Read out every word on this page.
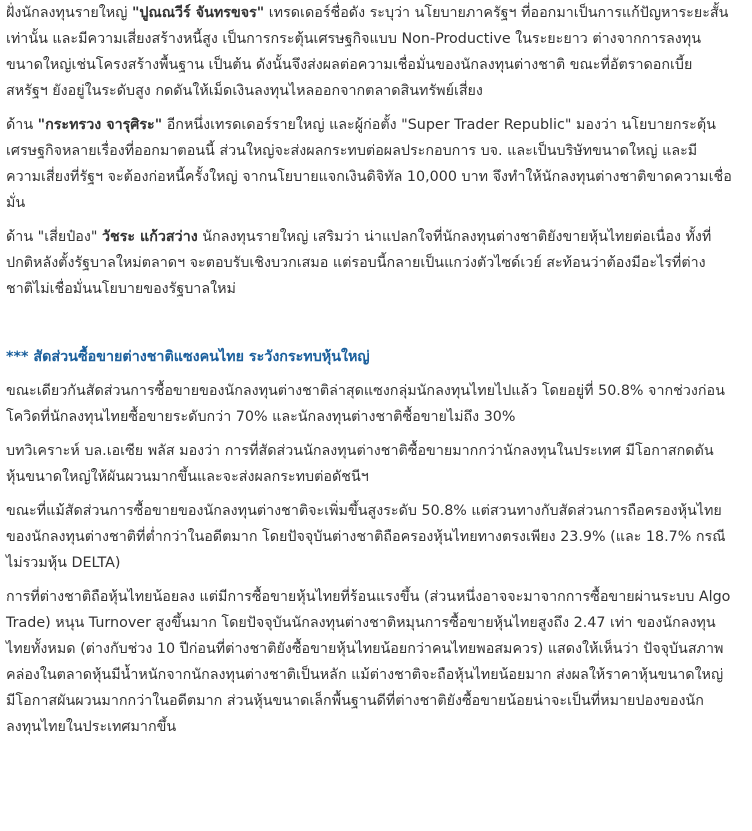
ฝั่งนักลงทุนรายใหญ่ "ปูณณวีร์ จันทรขจร" เทรดเดอร์ชื่อดัง ระบุว่า นโยบายภาครัฐฯ ที่ออกมาเป็นการแก้ปัญหาระยะสั้นเท่านั้น และมีความเสี่ยงสร้างหนี้สูง เป็นการกระตุ้นเศรษฐกิจแบบ Non-Productive ในระยะยาว ต่างจากการลงทุนขนาดใหญ่เช่นโครงสร้างพื้นฐาน เป็นต้น ดังนั้นจึงส่งผลต่อความเชื่อมั่นของนักลงทุนต่างชาติ ขณะที่อัตราดอกเบี้ยสหรัฐฯ ยังอยู่ในระดับสูง กดดันให้เม็ดเงินลงทุนไหลออกจากตลาดสินทรัพย์เสี่ยง

ด้าน "กระทรวง จารุศิระ" อีกหนึ่งเทรดเดอร์รายใหญ่ และผู้ก่อตั้ง "Super Trader Republic" มองว่า นโยบายกระตุ้นเศรษฐกิจหลายเรื่องที่ออกมาตอนนี้ ส่วนใหญ่จะส่งผลกระทบต่อผลประกอบการ บจ. และเป็นบริษัทขนาดใหญ่ และมีความเสี่ยงที่รัฐฯ จะต้องก่อหนี้ครั้งใหญ่ จากนโยบายแจกเงินดิจิทัล 10,000 บาท จึงทำให้นักลงทุนต่างชาติขาดความเชื่อมั่น

ด้าน "เสี่ยป๋อง" วัชระ แก้วสว่าง นักลงทุนรายใหญ่ เสริมว่า น่าแปลกใจที่นักลงทุนต่างชาติยังขายหุ้นไทยต่อเนื่อง ทั้งที่ปกติหลังตั้งรัฐบาลใหม่ตลาดฯ จะตอบรับเชิงบวกเสมอ แต่รอบนี้กลายเป็นแกว่งตัวไซด์เวย์ สะท้อนว่าต้องมีอะไรที่ต่างชาติไม่เชื่อมั่นนโยบายของรัฐบาลใหม่

*** สัดส่วนซื้อขายต่างชาติแซงคนไทย ระวังกระทบหุ้นใหญ่

ขณะเดียวกันสัดส่วนการซื้อขายของนักลงทุนต่างชาติล่าสุดแซงกลุ่มนักลงทุนไทยไปแล้ว โดยอยู่ที่ 50.8% จากช่วงก่อนโควิดที่นักลงทุนไทยซื้อขายระดับกว่า 70% และนักลงทุนต่างชาติซื้อขายไม่ถึง 30%

บทวิเคราะห์ บล.เอเซีย พลัส มองว่า การที่สัดส่วนนักลงทุนต่างชาติซื้อขายมากกว่านักลงทุนในประเทศ มีโอกาสกดดันหุ้นขนาดใหญ่ให้ผันผวนมากขึ้นและจะส่งผลกระทบต่อดัชนีฯ

ขณะที่แม้สัดส่วนการซื้อขายของนักลงทุนต่างชาติจะเพิ่มขึ้นสูงระดับ 50.8% แต่สวนทางกับสัดส่วนการถือครองหุ้นไทยของนักลงทุนต่างชาติที่ต่ำกว่าในอดีตมาก โดยปัจจุบันต่างชาติถือครองหุ้นไทยทางตรงเพียง 23.9% (และ 18.7% กรณีไม่รวมหุ้น DELTA)

การที่ต่างชาติถือหุ้นไทยน้อยลง แต่มีการซื้อขายหุ้นไทยที่ร้อนแรงขึ้น (ส่วนหนึ่งอาจจะมาจากการซื้อขายผ่านระบบ Algo Trade) หนุน Turnover สูงขึ้นมาก โดยปัจจุบันนักลงทุนต่างชาติหมุนการซื้อขายหุ้นไทยสูงถึง 2.47 เท่า ของนักลงทุนไทยทั้งหมด (ต่างกับช่วง 10 ปีก่อนที่ต่างชาติยังซื้อขายหุ้นไทยน้อยกว่าคนไทยพอสมควร) แสดงให้เห็นว่า ปัจจุบันสภาพคล่องในตลาดหุ้นมีน้ำหนักจากนักลงทุนต่างชาติเป็นหลัก แม้ต่างชาติจะถือหุ้นไทยน้อยมาก ส่งผลให้ราคาหุ้นขนาดใหญ่มีโอกาสผันผวนมากกว่าในอดีตมาก ส่วนหุ้นขนาดเล็กพื้นฐานดีที่ต่างชาติยังซื้อขายน้อยน่าจะเป็นที่หมายปองของนักลงทุนไทยในประเทศมากขึ้น
